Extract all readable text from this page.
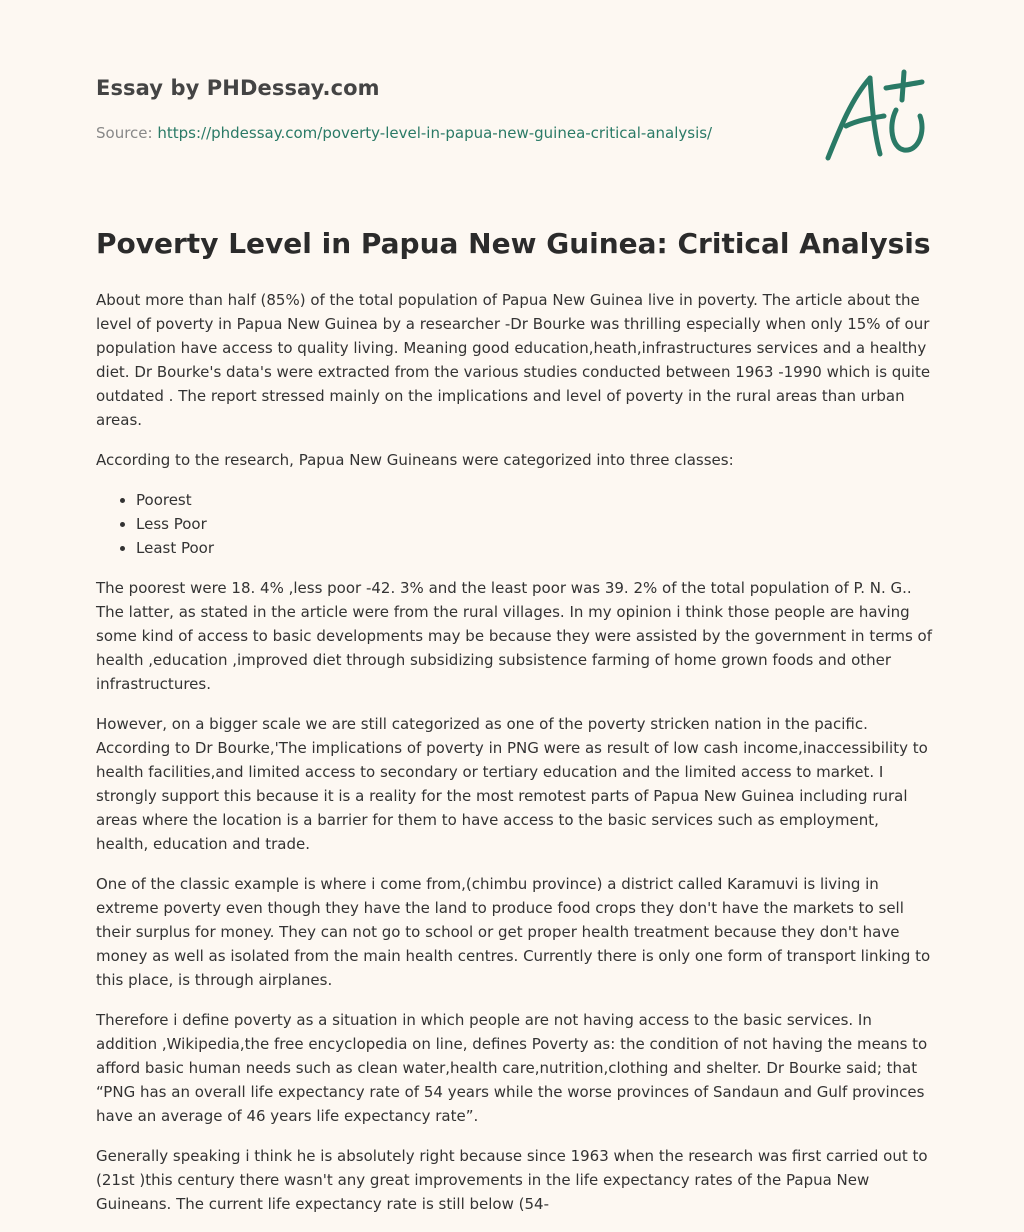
Essay by PHDessay.com
Source: https://phdessay.com/poverty-level-in-papua-new-guinea-critical-analysis/
Poverty Level in Papua New Guinea: Critical Analysis

About more than half (85%) of the total population of Papua New Guinea live in poverty. The article about the level of poverty in Papua New Guinea by a researcher -Dr Bourke was thrilling especially when only 15% of our population have access to quality living. Meaning good education,heath,infrastructures services and a healthy diet. Dr Bourke's data's were extracted from the various studies conducted between 1963 -1990 which is quite outdated . The report stressed mainly on the implications and level of poverty in the rural areas than urban areas.

According to the research, Papua New Guineans were categorized into three classes:

• Poorest
• Less Poor
• Least Poor

The poorest were 18. 4% ,less poor -42. 3% and the least poor was 39. 2% of the total population of P. N. G.. The latter, as stated in the article were from the rural villages. In my opinion i think those people are having some kind of access to basic developments may be because they were assisted by the government in terms of health ,education ,improved diet through subsidizing subsistence farming of home grown foods and other infrastructures.

However, on a bigger scale we are still categorized as one of the poverty stricken nation in the pacific. According to Dr Bourke,'The implications of poverty in PNG were as result of low cash income,inaccessibility to health facilities,and limited access to secondary or tertiary education and the limited access to market. I strongly support this because it is a reality for the most remotest parts of Papua New Guinea including rural areas where the location is a barrier for them to have access to the basic services such as employment, health, education and trade.

One of the classic example is where i come from,(chimbu province) a district called Karamuvi is living in extreme poverty even though they have the land to produce food crops they don't have the markets to sell their surplus for money. They can not go to school or get proper health treatment because they don't have money as well as isolated from the main health centres. Currently there is only one form of transport linking to this place, is through airplanes.

Therefore i define poverty as a situation in which people are not having access to the basic services. In addition ,Wikipedia,the free encyclopedia on line, defines Poverty as: the condition of not having the means to afford basic human needs such as clean water,health care,nutrition,clothing and shelter. Dr Bourke said; that “PNG has an overall life expectancy rate of 54 years while the worse provinces of Sandaun and Gulf provinces have an average of 46 years life expectancy rate”.

Generally speaking i think he is absolutely right because since 1963 when the research was first carried out to (21st )this century there wasn't any great improvements in the life expectancy rates of the Papua New Guineans. The current life expectancy rate is still below (54-
